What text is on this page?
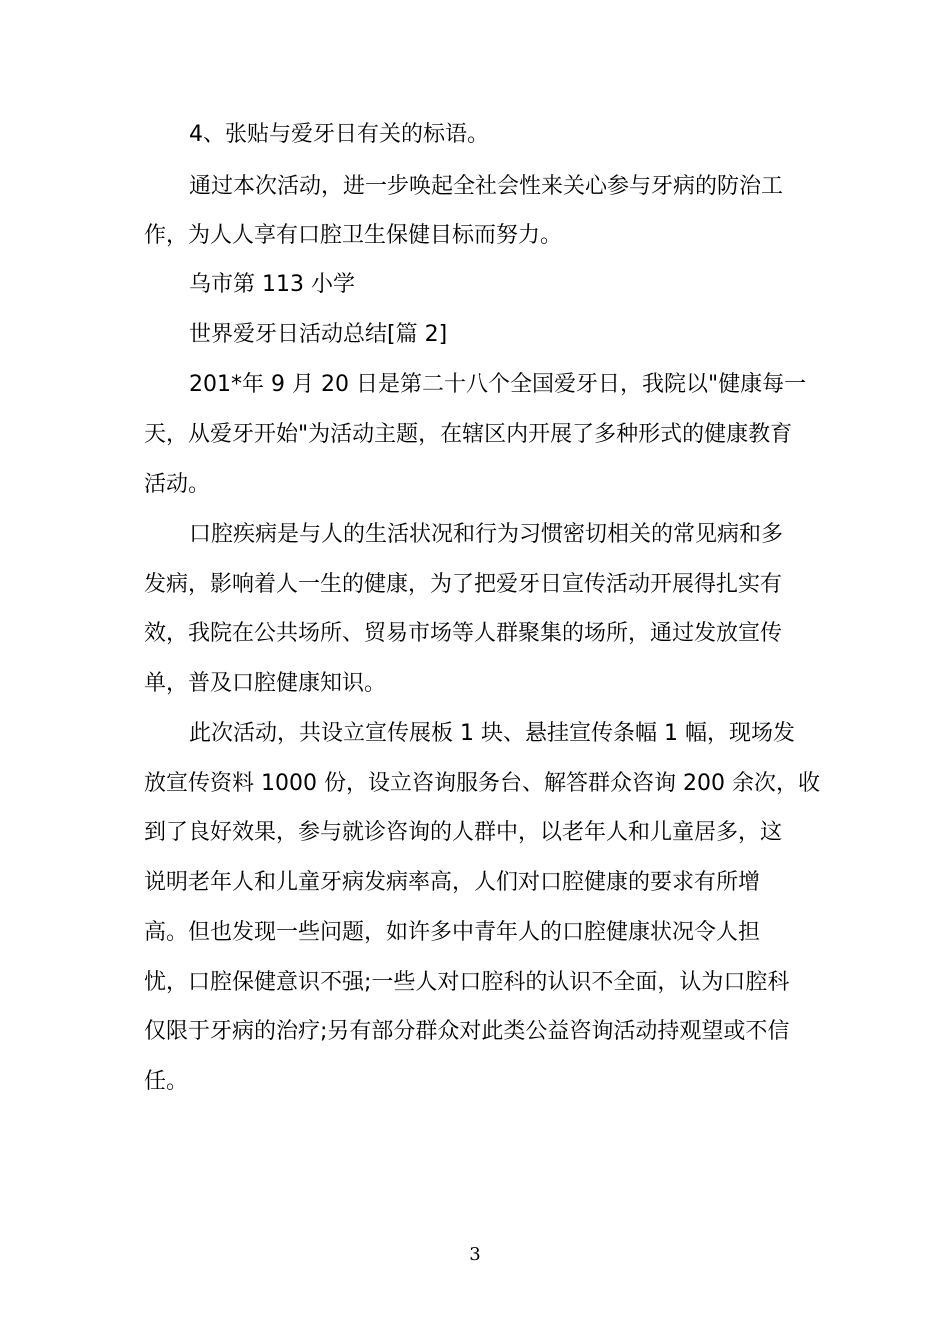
4、张贴与爱牙日有关的标语。
通过本次活动，进一步唤起全社会性来关心参与牙病的防治工
作，为人人享有口腔卫生保健目标而努力。
乌市第 113 小学
世界爱牙日活动总结[篇 2]
201*年 9 月 20 日是第二十八个全国爱牙日，我院以"健康每一
天，从爱牙开始"为活动主题，在辖区内开展了多种形式的健康教育
活动。
口腔疾病是与人的生活状况和行为习惯密切相关的常见病和多
发病，影响着人一生的健康，为了把爱牙日宣传活动开展得扎实有
效，我院在公共场所、贸易市场等人群聚集的场所，通过发放宣传
单，普及口腔健康知识。
此次活动，共设立宣传展板 1 块、悬挂宣传条幅 1 幅，现场发
放宣传资料 1000 份，设立咨询服务台、解答群众咨询 200 余次，收
到了良好效果，参与就诊咨询的人群中，以老年人和儿童居多，这
说明老年人和儿童牙病发病率高，人们对口腔健康的要求有所增
高。但也发现一些问题，如许多中青年人的口腔健康状况令人担
忧，口腔保健意识不强;一些人对口腔科的认识不全面，认为口腔科
仅限于牙病的治疗;另有部分群众对此类公益咨询活动持观望或不信
任。
3
